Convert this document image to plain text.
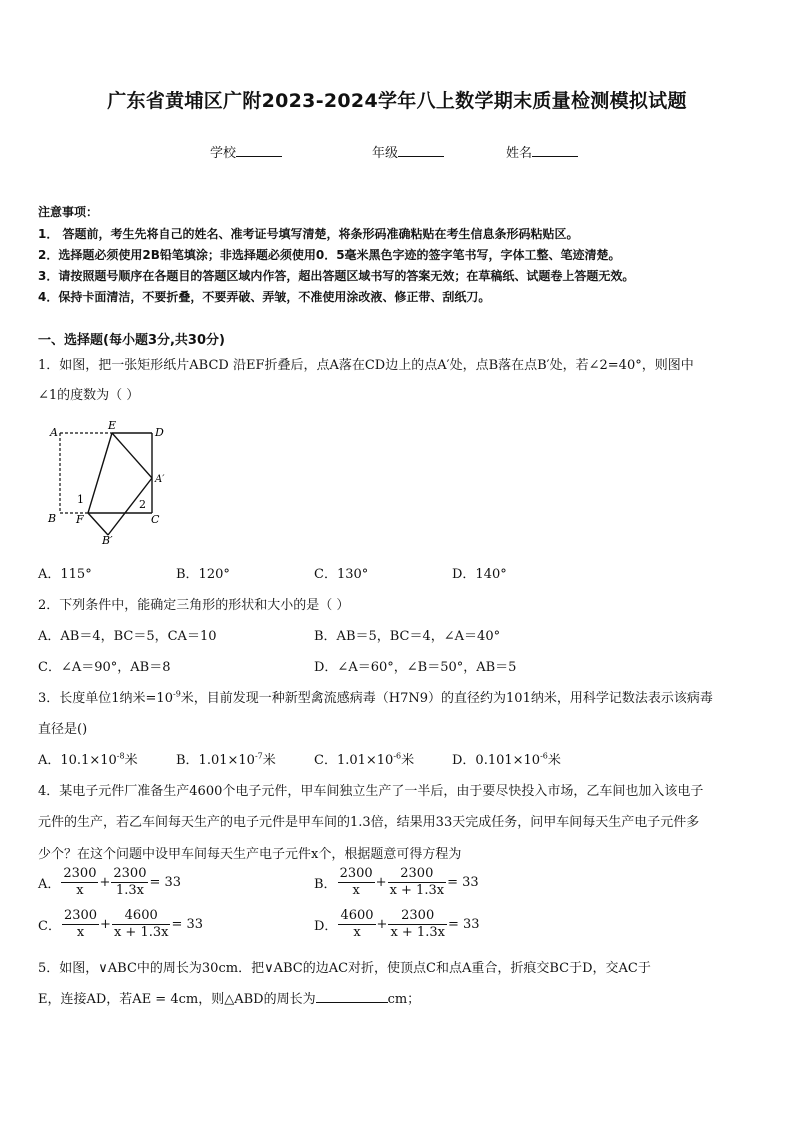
广东省黄埔区广附2023-2024学年八上数学期末质量检测模拟试题
学校	年级	姓名
注意事项：
1． 答题前，考生先将自己的姓名、准考证号填写清楚，将条形码准确粘贴在考生信息条形码粘贴区。
2．选择题必须使用2B铅笔填涂；非选择题必须使用0．5毫米黑色字迹的签字笔书写，字体工整、笔迹清楚。
3．请按照题号顺序在各题目的答题区域内作答，超出答题区域书写的答案无效；在草稿纸、试题卷上答题无效。
4．保持卡面清洁，不要折叠，不要弄破、弄皱，不准使用涂改液、修正带、刮纸刀。
一、选择题(每小题3分,共30分)
1．如图，把一张矩形纸片ABCD 沿EF折叠后，点A落在CD边上的点A′处，点B落在点B′处，若∠2=40°，则图中
∠1的度数为（ ）
A
E
D
A′
1	2
B F	C
B′
A．115°	B．120°	C．130°	D．140°
2．下列条件中，能确定三角形的形状和大小的是（ ）
A．AB＝4，BC＝5，CA＝10	B．AB＝5，BC＝4，∠A＝40°
C．∠A＝90°，AB＝8	D．∠A＝60°，∠B＝50°，AB＝5
3．长度单位1纳米$=10^{-9}$米，目前发现一种新型禽流感病毒（H7N9）的直径约为101纳米，用科学记数法表示该病毒
直径是()
A．$10.1\times 10^{-8}$米	B．$1.01\times 10^{-7}$米	C．$1.01\times 10^{-6}$米	D．$0.101\times 10^{-6}$米
4．某电子元件厂准备生产4600个电子元件，甲车间独立生产了一半后，由于要尽快投入市场，乙车间也加入该电子
元件的生产，若乙车间每天生产的电子元件是甲车间的1.3倍，结果用33天完成任务，问甲车间每天生产电子元件多
少个？在这个问题中设甲车间每天生产电子元件x个，根据题意可得方程为
A． $\frac{2300}{x} + \frac{2300}{1.3x} = 33$	B． $\frac{2300}{x} + \frac{2300}{x + 1.3x} = 33$
C． $\frac{2300}{x} + \frac{4600}{x + 1.3x} = 33$	D． $\frac{4600}{x} + \frac{2300}{x + 1.3x} = 33$
5．如图，∨ABC中的周长为30cm．把∨ABC的边AC对折，使顶点C和点A重合，折痕交BC于D，交AC于
E，连接AD，若AE = 4cm，则△ABD的周长为	cm；
